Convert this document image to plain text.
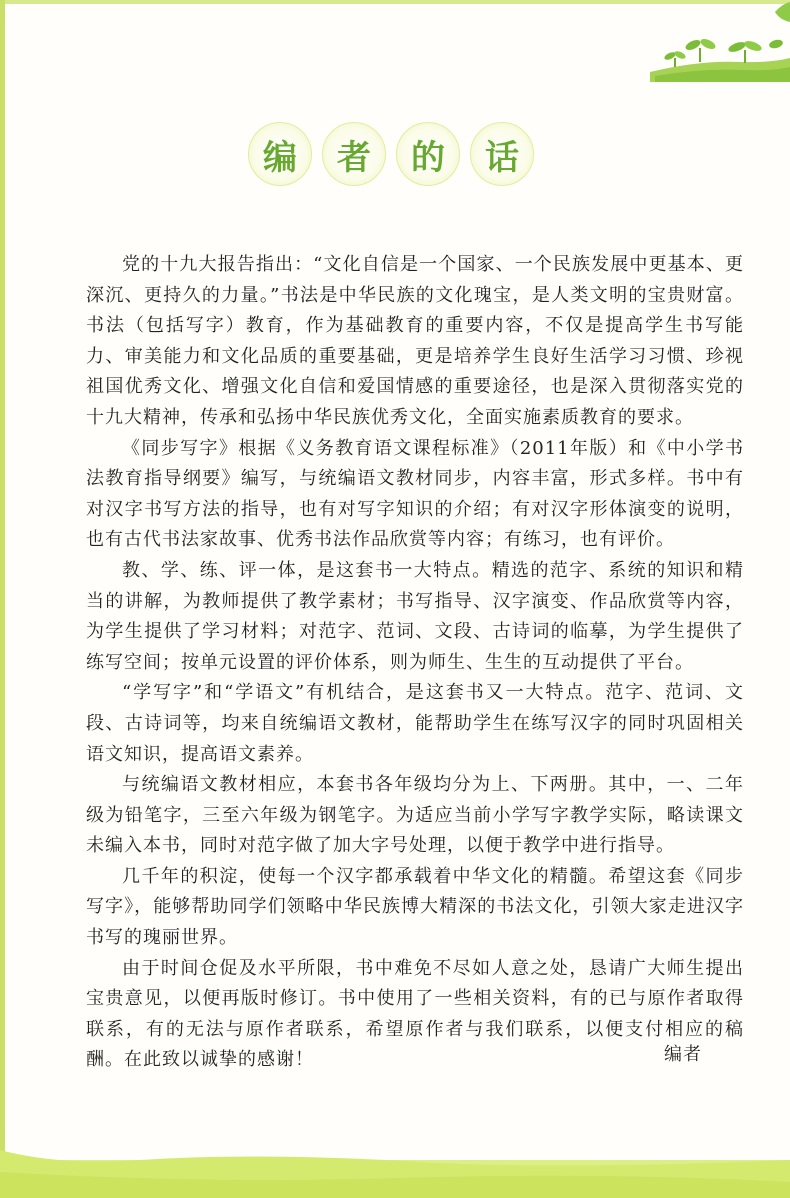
编	者	的	话

党的十九大报告指出：“文化自信是一个国家、一个民族发展中更基本、更深沉、更持久的力量。”书法是中华民族的文化瑰宝，是人类文明的宝贵财富。书法（包括写字）教育，作为基础教育的重要内容，不仅是提高学生书写能力、审美能力和文化品质的重要基础，更是培养学生良好生活学习习惯、珍视祖国优秀文化、增强文化自信和爱国情感的重要途径，也是深入贯彻落实党的十九大精神，传承和弘扬中华民族优秀文化，全面实施素质教育的要求。

《同步写字》根据《义务教育语文课程标准》（2011年版）和《中小学书法教育指导纲要》编写，与统编语文教材同步，内容丰富，形式多样。书中有对汉字书写方法的指导，也有对写字知识的介绍；有对汉字形体演变的说明，也有古代书法家故事、优秀书法作品欣赏等内容；有练习，也有评价。

教、学、练、评一体，是这套书一大特点。精选的范字、系统的知识和精当的讲解，为教师提供了教学素材；书写指导、汉字演变、作品欣赏等内容，为学生提供了学习材料；对范字、范词、文段、古诗词的临摹，为学生提供了练写空间；按单元设置的评价体系，则为师生、生生的互动提供了平台。

“学写字”和“学语文”有机结合，是这套书又一大特点。范字、范词、文段、古诗词等，均来自统编语文教材，能帮助学生在练写汉字的同时巩固相关语文知识，提高语文素养。

与统编语文教材相应，本套书各年级均分为上、下两册。其中，一、二年级为铅笔字，三至六年级为钢笔字。为适应当前小学写字教学实际，略读课文未编入本书，同时对范字做了加大字号处理，以便于教学中进行指导。

几千年的积淀，使每一个汉字都承载着中华文化的精髓。希望这套《同步写字》，能够帮助同学们领略中华民族博大精深的书法文化，引领大家走进汉字书写的瑰丽世界。

由于时间仓促及水平所限，书中难免不尽如人意之处，恳请广大师生提出宝贵意见，以便再版时修订。书中使用了一些相关资料，有的已与原作者取得联系，有的无法与原作者联系，希望原作者与我们联系，以便支付相应的稿酬。在此致以诚挚的感谢！	编者
